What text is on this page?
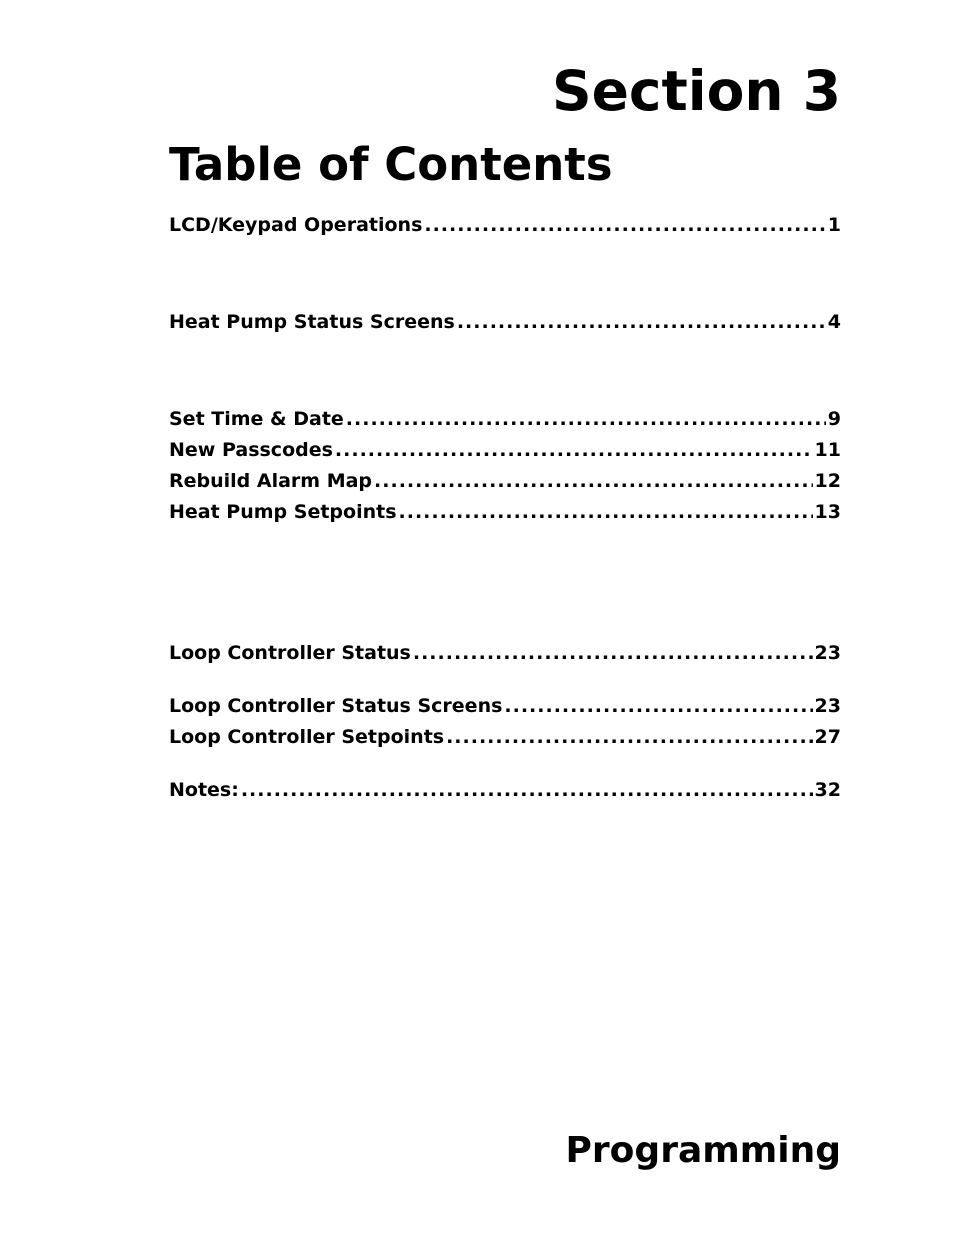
Section 3
Table of Contents
LCD/Keypad Operations .....	1
Heat Pump Status Screens .....	4
Set Time & Date .....	9
New Passcodes .....	11
Rebuild Alarm Map .....	12
Heat Pump Setpoints .....	13
Loop Controller Status .....	23
Loop Controller Status Screens .....	23
Loop Controller Setpoints .....	27
Notes: .....	32
Programming
